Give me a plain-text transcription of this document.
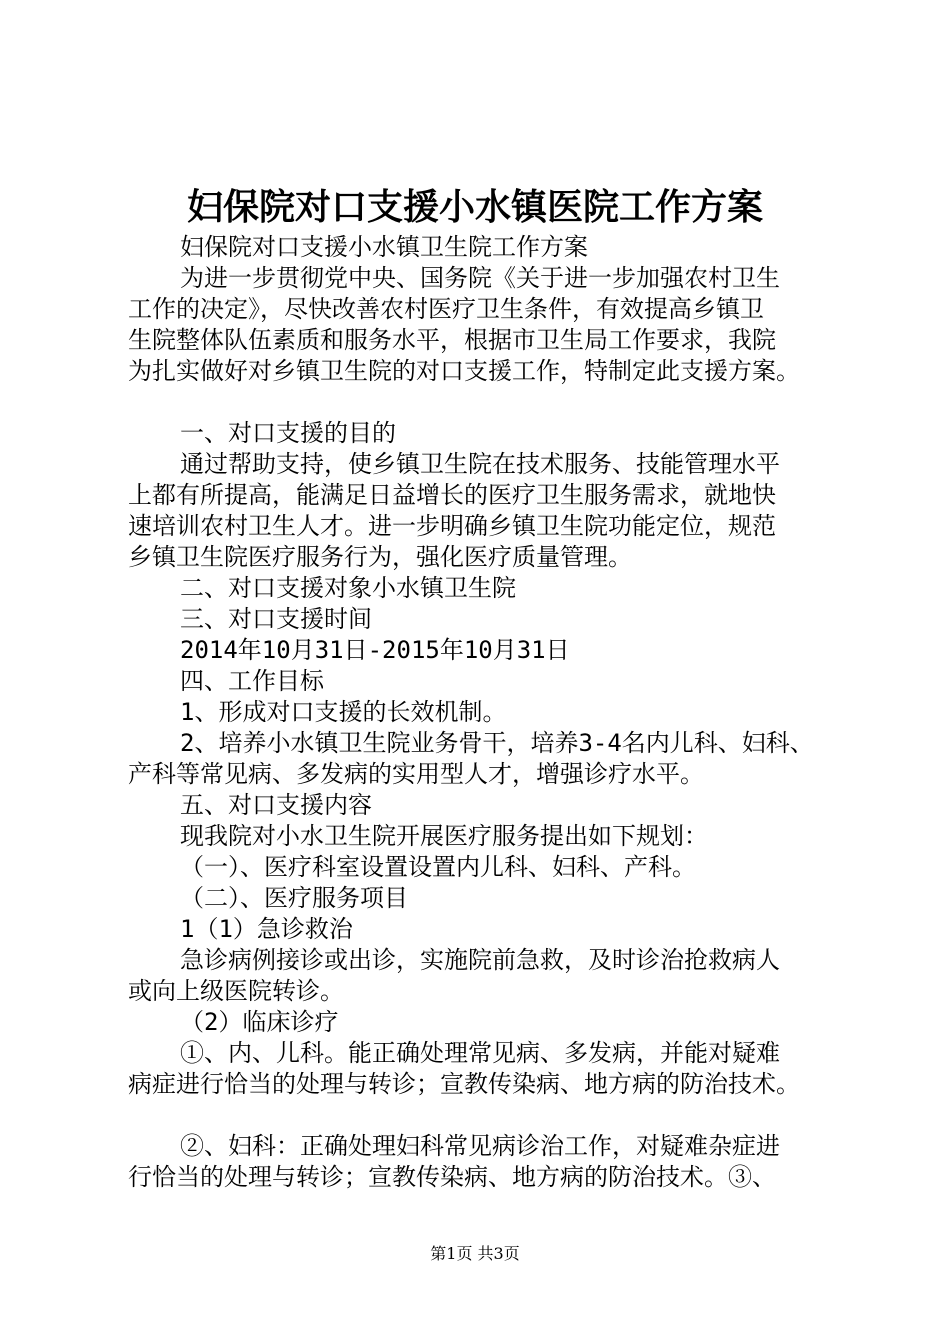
妇保院对口支援小水镇医院工作方案
妇保院对口支援小水镇卫生院工作方案
为进一步贯彻党中央、国务院《关于进一步加强农村卫生
工作的决定》，尽快改善农村医疗卫生条件，有效提高乡镇卫
生院整体队伍素质和服务水平，根据市卫生局工作要求，我院
为扎实做好对乡镇卫生院的对口支援工作，特制定此支援方案。
一、对口支援的目的
通过帮助支持，使乡镇卫生院在技术服务、技能管理水平
上都有所提高，能满足日益增长的医疗卫生服务需求，就地快
速培训农村卫生人才。进一步明确乡镇卫生院功能定位，规范
乡镇卫生院医疗服务行为，强化医疗质量管理。
二、对口支援对象小水镇卫生院
三、对口支援时间
2014年10月31日-2015年10月31日
四、工作目标
1、形成对口支援的长效机制。
2、培养小水镇卫生院业务骨干，培养3-4名内儿科、妇科、
产科等常见病、多发病的实用型人才，增强诊疗水平。
五、对口支援内容
现我院对小水卫生院开展医疗服务提出如下规划：
（一）、医疗科室设置设置内儿科、妇科、产科。
（二）、医疗服务项目
1（1）急诊救治
急诊病例接诊或出诊，实施院前急救，及时诊治抢救病人
或向上级医院转诊。
（2）临床诊疗
①、内、儿科。能正确处理常见病、多发病，并能对疑难
病症进行恰当的处理与转诊；宣教传染病、地方病的防治技术。
②、妇科：正确处理妇科常见病诊治工作，对疑难杂症进
行恰当的处理与转诊；宣教传染病、地方病的防治技术。③、
第1页 共3页
